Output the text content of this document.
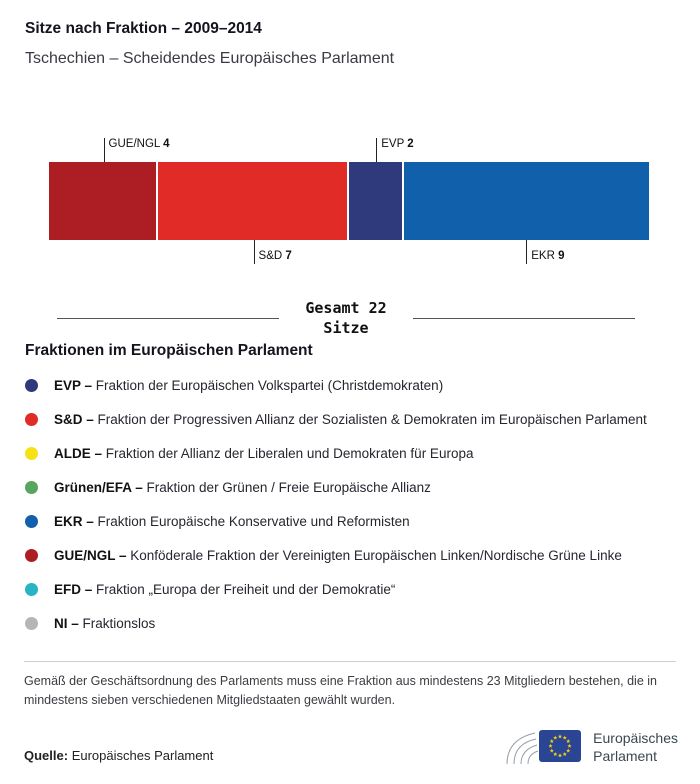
Sitze nach Fraktion – 2009–2014
Tschechien – Scheidendes Europäisches Parlament
GUE/NGL 4
S&D 7
EVP 2
EKR 9
Gesamt 22
Sitze
Fraktionen im Europäischen Parlament
EVP – Fraktion der Europäischen Volkspartei (Christdemokraten)
S&D – Fraktion der Progressiven Allianz der Sozialisten & Demokraten im Europäischen Parlament
ALDE – Fraktion der Allianz der Liberalen und Demokraten für Europa
Grünen/EFA – Fraktion der Grünen / Freie Europäische Allianz
EKR – Fraktion Europäische Konservative und Reformisten
GUE/NGL – Konföderale Fraktion der Vereinigten Europäischen Linken/Nordische Grüne Linke
EFD – Fraktion „Europa der Freiheit und der Demokratie“
NI – Fraktionslos
Gemäß der Geschäftsordnung des Parlaments muss eine Fraktion aus mindestens 23 Mitgliedern bestehen, die in mindestens sieben verschiedenen Mitgliedstaaten gewählt wurden.
Quelle: Europäisches Parlament
Europäisches
Parlament
